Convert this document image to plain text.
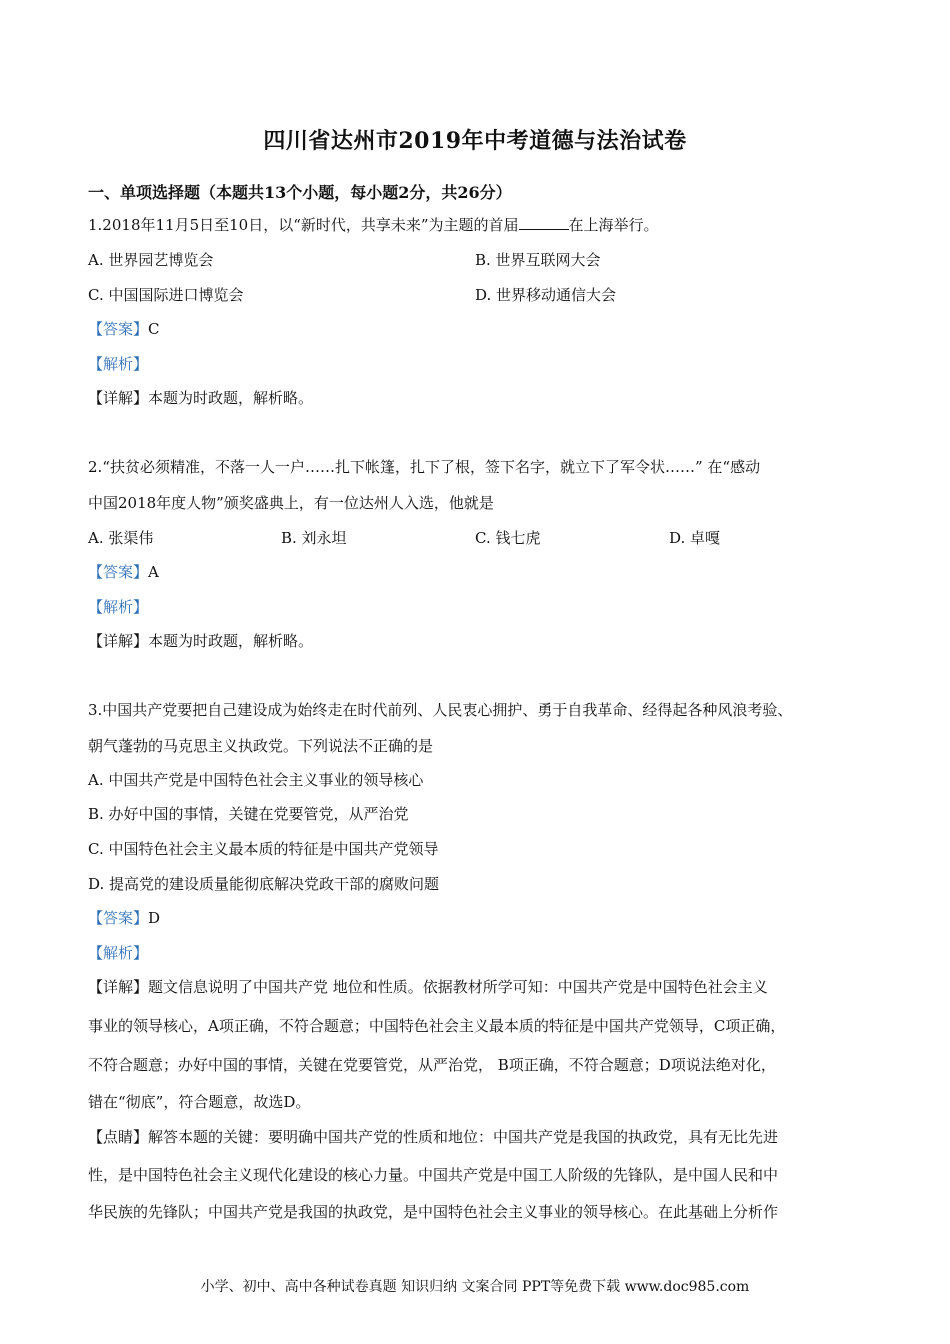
四川省达州市2019年中考道德与法治试卷
一、单项选择题（本题共13个小题，每小题2分，共26分）
1.2018年11月5日至10日，以“新时代，共享未来”为主题的首届	在上海举行。
A. 世界园艺博览会	B. 世界互联网大会
C. 中国国际进口博览会	D. 世界移动通信大会
【答案】C
【解析】
【详解】本题为时政题，解析略。
2.“扶贫必须精准，不落一人一户……扎下帐篷，扎下了根，签下名字，就立下了军令状……” 在“感动
中国2018年度人物”颁奖盛典上，有一位达州人入选，他就是
A. 张渠伟	B. 刘永坦	C. 钱七虎	D. 卓嘎
【答案】A
【解析】
【详解】本题为时政题，解析略。
3.中国共产党要把自己建设成为始终走在时代前列、人民衷心拥护、勇于自我革命、经得起各种风浪考验、
朝气蓬勃的马克思主义执政党。下列说法不正确的是
A. 中国共产党是中国特色社会主义事业的领导核心
B. 办好中国的事情，关键在党要管党，从严治党
C. 中国特色社会主义最本质的特征是中国共产党领导
D. 提高党的建设质量能彻底解决党政干部的腐败问题
【答案】D
【解析】
【详解】题文信息说明了中国共产党 地位和性质。依据教材所学可知：中国共产党是中国特色社会主义
事业的领导核心，A项正确，不符合题意；中国特色社会主义最本质的特征是中国共产党领导，C项正确，
不符合题意；办好中国的事情，关键在党要管党，从严治党， B项正确，不符合题意；D项说法绝对化，
错在“彻底”，符合题意，故选D。
【点睛】解答本题的关键：要明确中国共产党的性质和地位：中国共产党是我国的执政党，具有无比先进
性，是中国特色社会主义现代化建设的核心力量。中国共产党是中国工人阶级的先锋队，是中国人民和中
华民族的先锋队；中国共产党是我国的执政党，是中国特色社会主义事业的领导核心。在此基础上分析作
小学、初中、高中各种试卷真题 知识归纳 文案合同 PPT等免费下载 www.doc985.com
